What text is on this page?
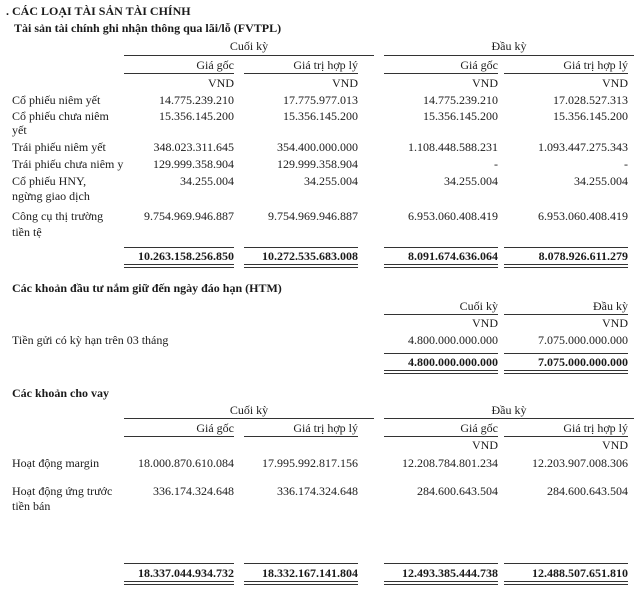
. CÁC LOẠI TÀI SẢN TÀI CHÍNH
Tài sản tài chính ghi nhận thông qua lãi/lỗ (FVTPL)
Cuối kỳ	Đầu kỳ
Giá gốc	Giá trị hợp lý	Giá gốc	Giá trị hợp lý
VND	VND	VND	VND
Cổ phiếu niêm yết	14.775.239.210	17.775.977.013	14.775.239.210	17.028.527.313
Cổ phiếu chưa niêm
yết
15.356.145.200	15.356.145.200	15.356.145.200	15.356.145.200
Trái phiếu niêm yết	348.023.311.645	354.400.000.000	1.108.448.588.231	1.093.447.275.343
Trái phiếu chưa niêm y	129.999.358.904	129.999.358.904	-	-
Cổ phiếu HNY,
ngừng giao dịch
34.255.004	34.255.004	34.255.004	34.255.004
Công cụ thị trường
tiền tệ
9.754.969.946.887	9.754.969.946.887	6.953.060.408.419	6.953.060.408.419
10.263.158.256.850	10.272.535.683.008	8.091.674.636.064	8.078.926.611.279
Các khoản đầu tư nắm giữ đến ngày đáo hạn (HTM)
Cuối kỳ	Đầu kỳ
VND	VND
Tiền gửi có kỳ hạn trên 03 tháng	4.800.000.000.000	7.075.000.000.000
4.800.000.000.000	7.075.000.000.000
Các khoản cho vay
Cuối kỳ	Đầu kỳ
Giá gốc	Giá trị hợp lý	Giá gốc	Giá trị hợp lý
VND	VND
Hoạt động margin	18.000.870.610.084	17.995.992.817.156	12.208.784.801.234	12.203.907.008.306
Hoạt động ứng trước
tiền bán
336.174.324.648	336.174.324.648	284.600.643.504	284.600.643.504
18.337.044.934.732	18.332.167.141.804	12.493.385.444.738	12.488.507.651.810
